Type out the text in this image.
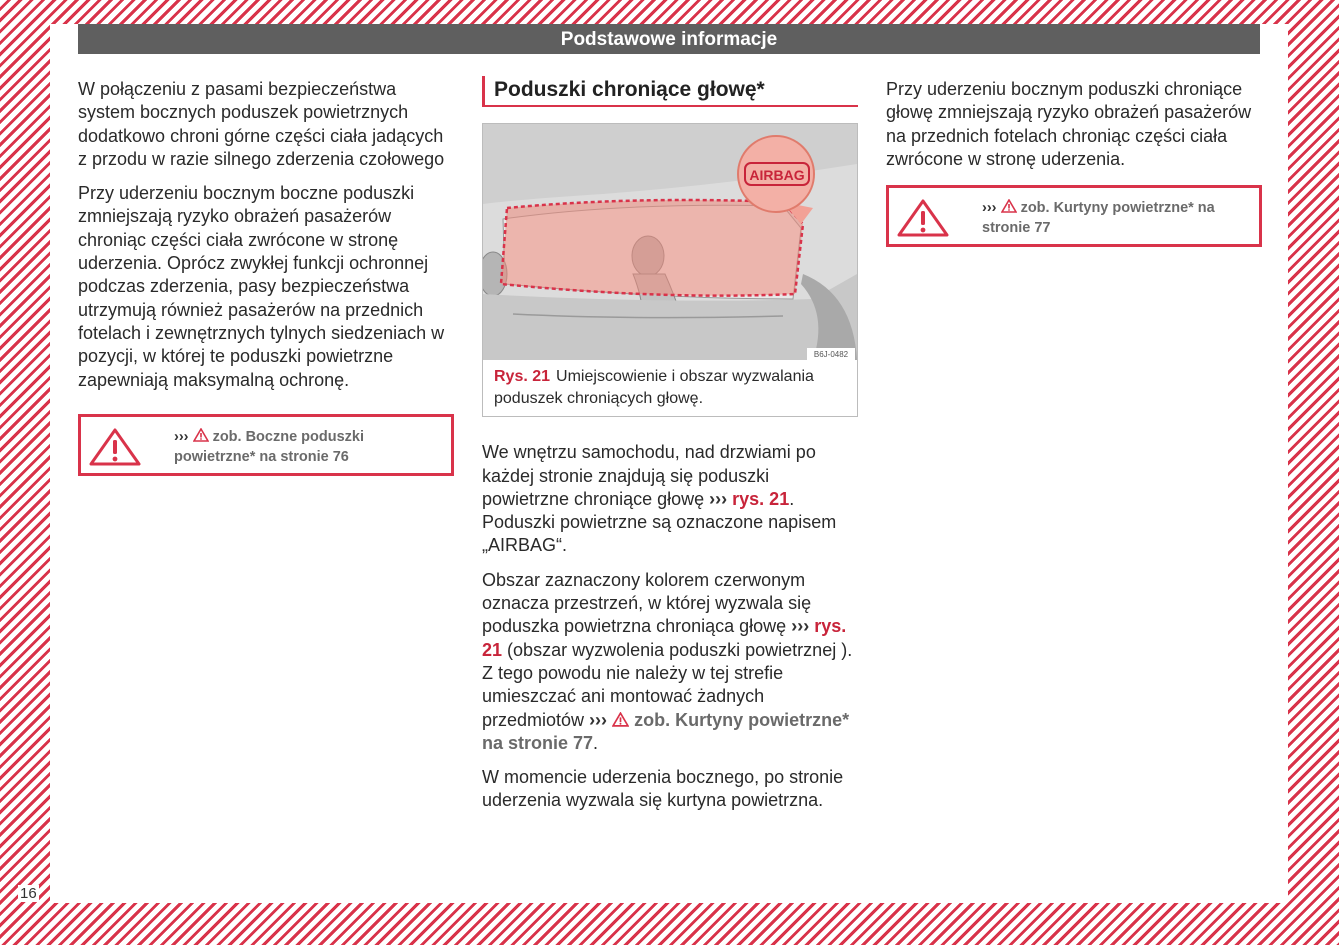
Podstawowe informacje

W połączeniu z pasami bezpieczeństwa system bocznych poduszek powietrznych dodatkowo chroni górne części ciała jadących z przodu w razie silnego zderzenia czołowego

Przy uderzeniu bocznym boczne poduszki zmniejszają ryzyko obrażeń pasażerów chroniąc części ciała zwrócone w stronę uderzenia. Oprócz zwykłej funkcji ochronnej podczas zderzenia, pasy bezpieczeństwa utrzymują również pasażerów na przednich fotelach i zewnętrznych tylnych siedzeniach w pozycji, w której te poduszki powietrzne zapewniają maksymalną ochronę.

››› zob. Boczne poduszki powietrzne* na stronie 76
Poduszki chroniące głowę*
AIRBAG
B6J-0482
Rys. 21 Umiejscowienie i obszar wyzwalania poduszek chroniących głowę.

We wnętrzu samochodu, nad drzwiami po każdej stronie znajdują się poduszki powietrzne chroniące głowę ››› rys. 21. Poduszki powietrzne są oznaczone napisem „AIRBAG“.

Obszar zaznaczony kolorem czerwonym oznacza przestrzeń, w której wyzwala się poduszka powietrzna chroniąca głowę ››› rys. 21 (obszar wyzwolenia poduszki powietrznej ). Z tego powodu nie należy w tej strefie umieszczać ani montować żadnych przedmiotów ››› zob. Kurtyny powietrzne* na stronie 77.

W momencie uderzenia bocznego, po stronie uderzenia wyzwala się kurtyna powietrzna.

Przy uderzeniu bocznym poduszki chroniące głowę zmniejszają ryzyko obrażeń pasażerów na przednich fotelach chroniąc części ciała zwrócone w stronę uderzenia.

››› zob. Kurtyny powietrzne* na stronie 77
16
